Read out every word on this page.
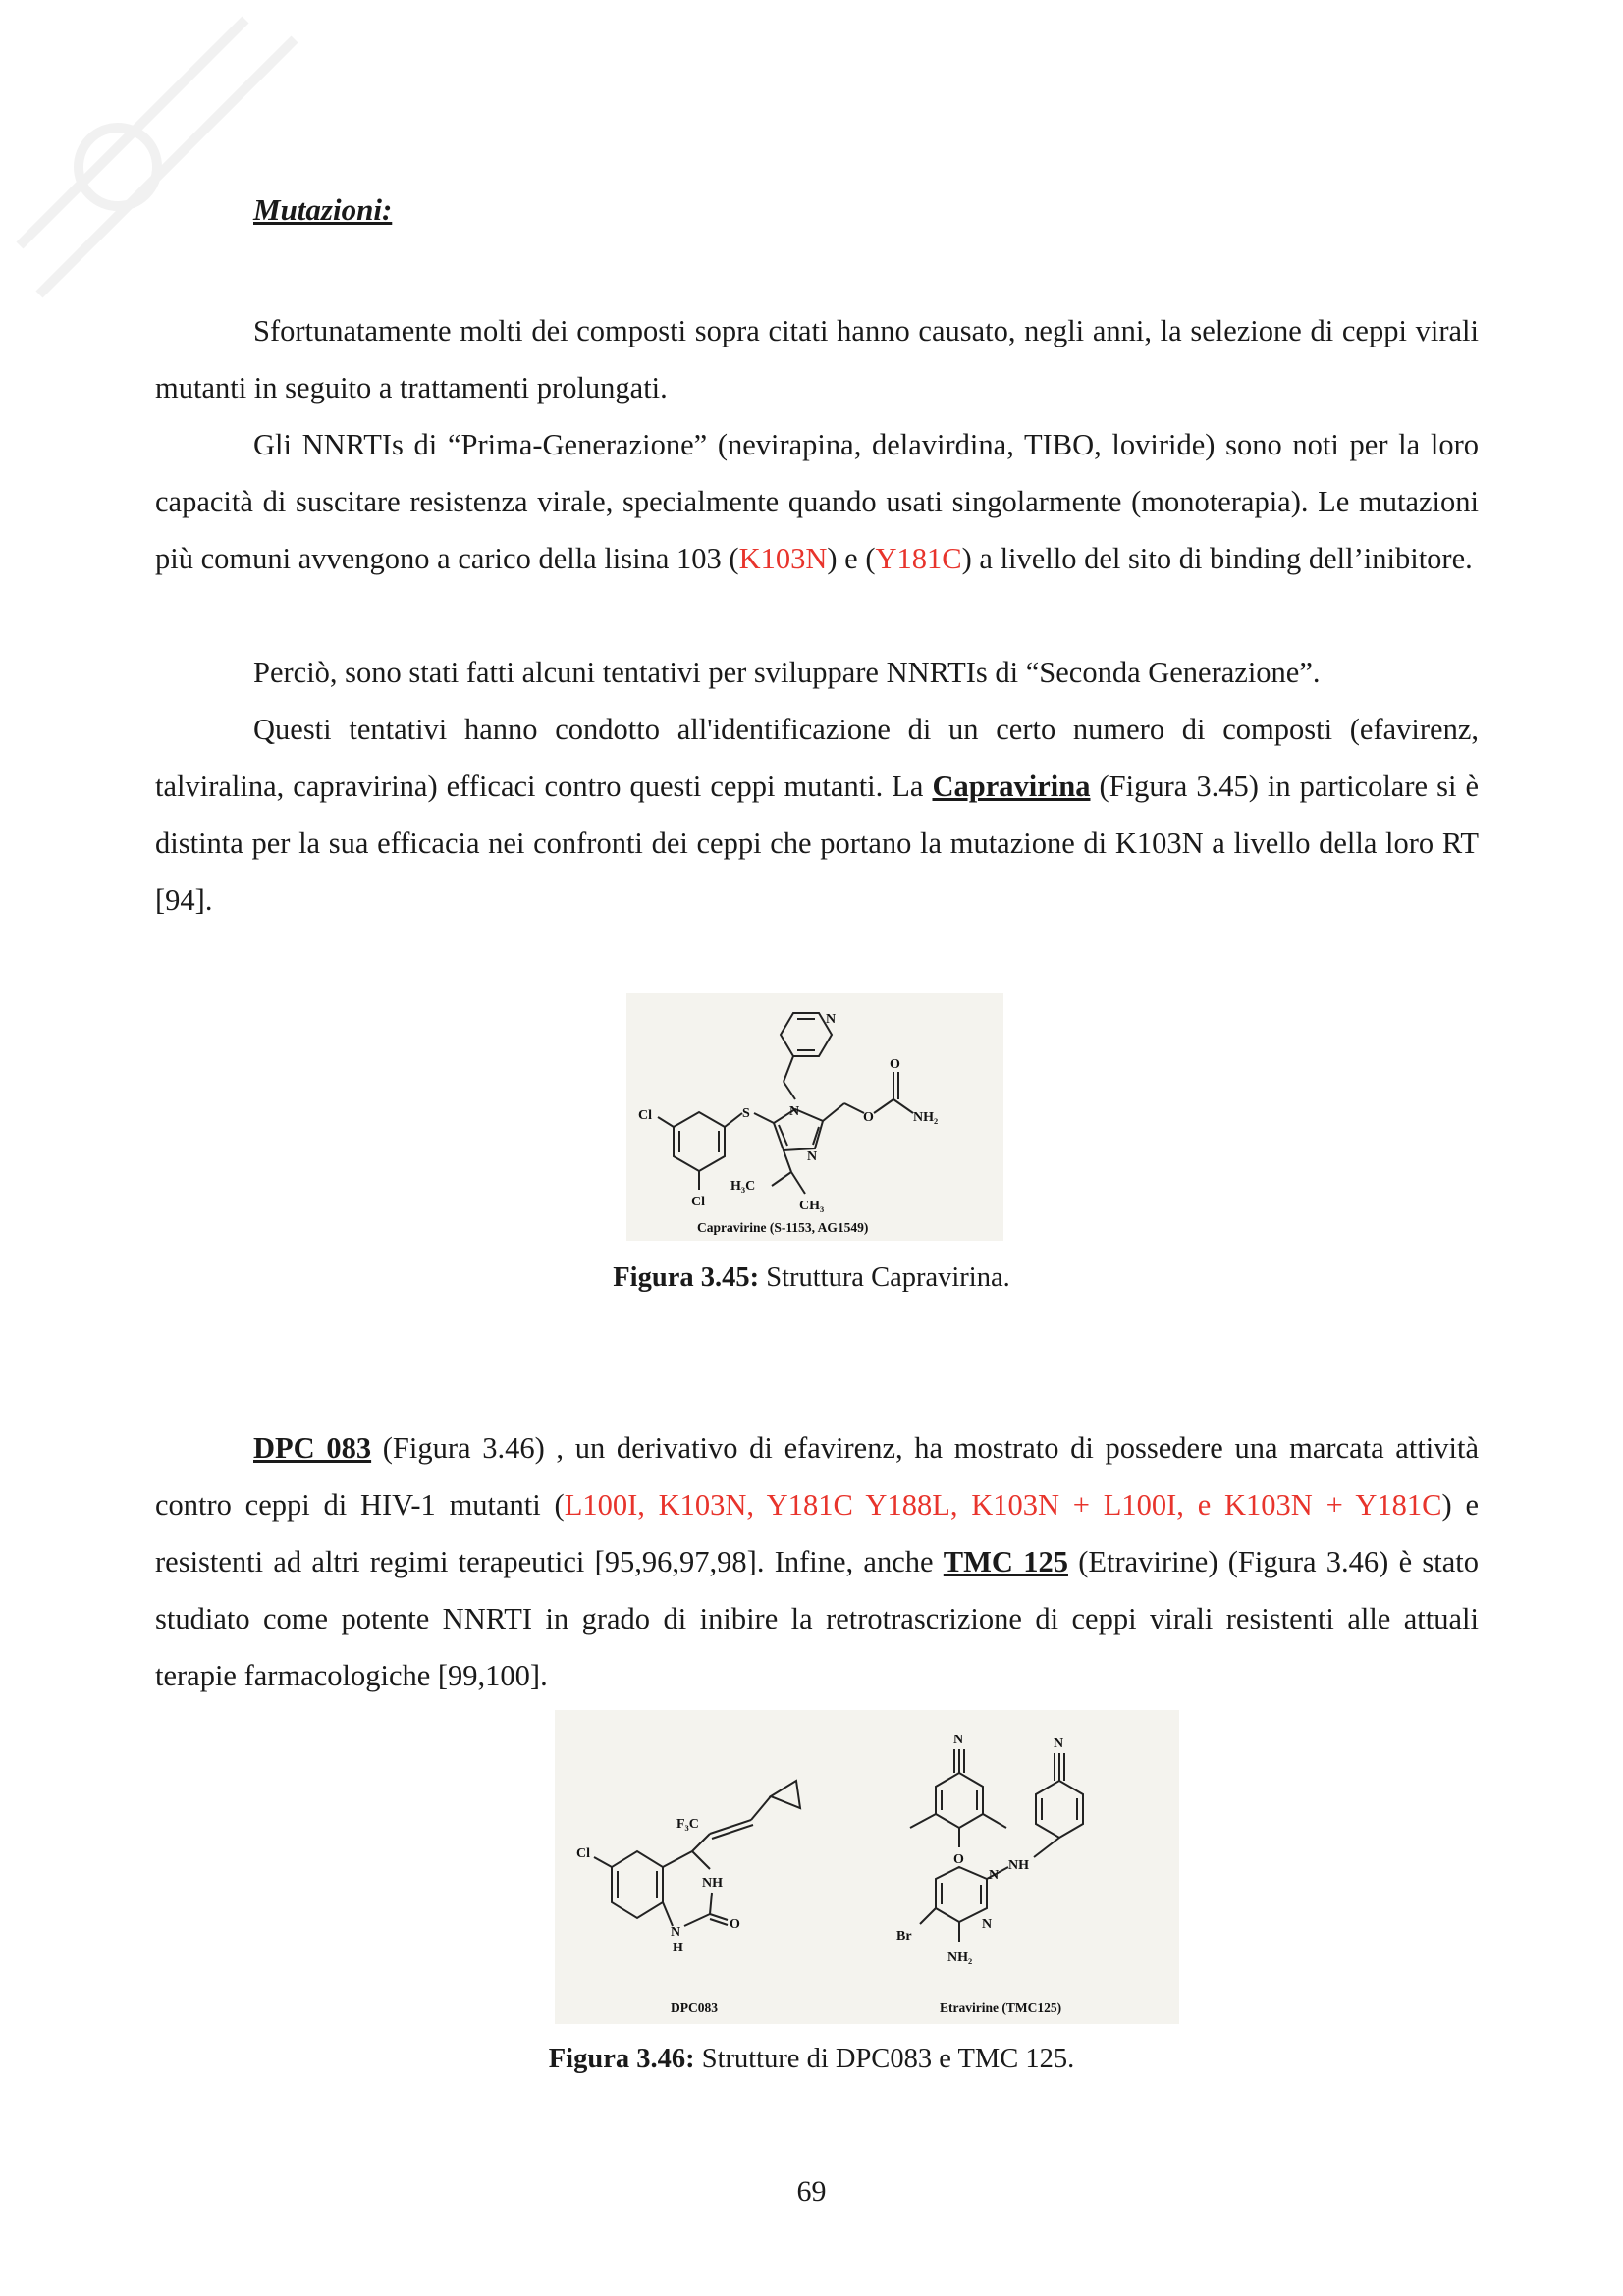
Mutazioni:

Sfortunatamente molti dei composti sopra citati hanno causato, negli anni, la selezione di ceppi virali mutanti in seguito a trattamenti prolungati.

Gli NNRTIs di “Prima-Generazione” (nevirapina, delavirdina, TIBO, loviride) sono noti per la loro capacità di suscitare resistenza virale, specialmente quando usati singolarmente (monoterapia). Le mutazioni più comuni avvengono a carico della lisina 103 (K103N) e (Y181C) a livello del sito di binding dell’inibitore.

Perciò, sono stati fatti alcuni tentativi per sviluppare NNRTIs di “Seconda Generazione”.

Questi tentativi hanno condotto all'identificazione di un certo numero di composti (efavirenz, talviralina, capravirina) efficaci contro questi ceppi mutanti. La Capravirina (Figura 3.45) in particolare si è distinta per la sua efficacia nei confronti dei ceppi che portano la mutazione di K103N a livello della loro RT [94].

N
N
N
S
Cl
Cl
O
O
NH₂
H₃C
CH₃
Capravirine (S-1153, AG1549)

Figura 3.45: Struttura Capravirina.

DPC 083 (Figura 3.46) , un derivativo di efavirenz, ha mostrato di possedere una marcata attività contro ceppi di HIV-1 mutanti (L100I, K103N, Y181C Y188L, K103N + L100I, e K103N + Y181C) e resistenti ad altri regimi terapeutici [95,96,97,98]. Infine, anche TMC 125 (Etravirine) (Figura 3.46) è stato studiato come potente NNRTI in grado di inibire la retrotrascrizione di ceppi virali resistenti alle attuali terapie farmacologiche [99,100].

F₃C
Cl
NH
N
H
O
N	N
O
N
N
NH
Br
NH₂
DPC083	Etravirine (TMC125)

Figura 3.46: Strutture di DPC083 e TMC 125.

69
